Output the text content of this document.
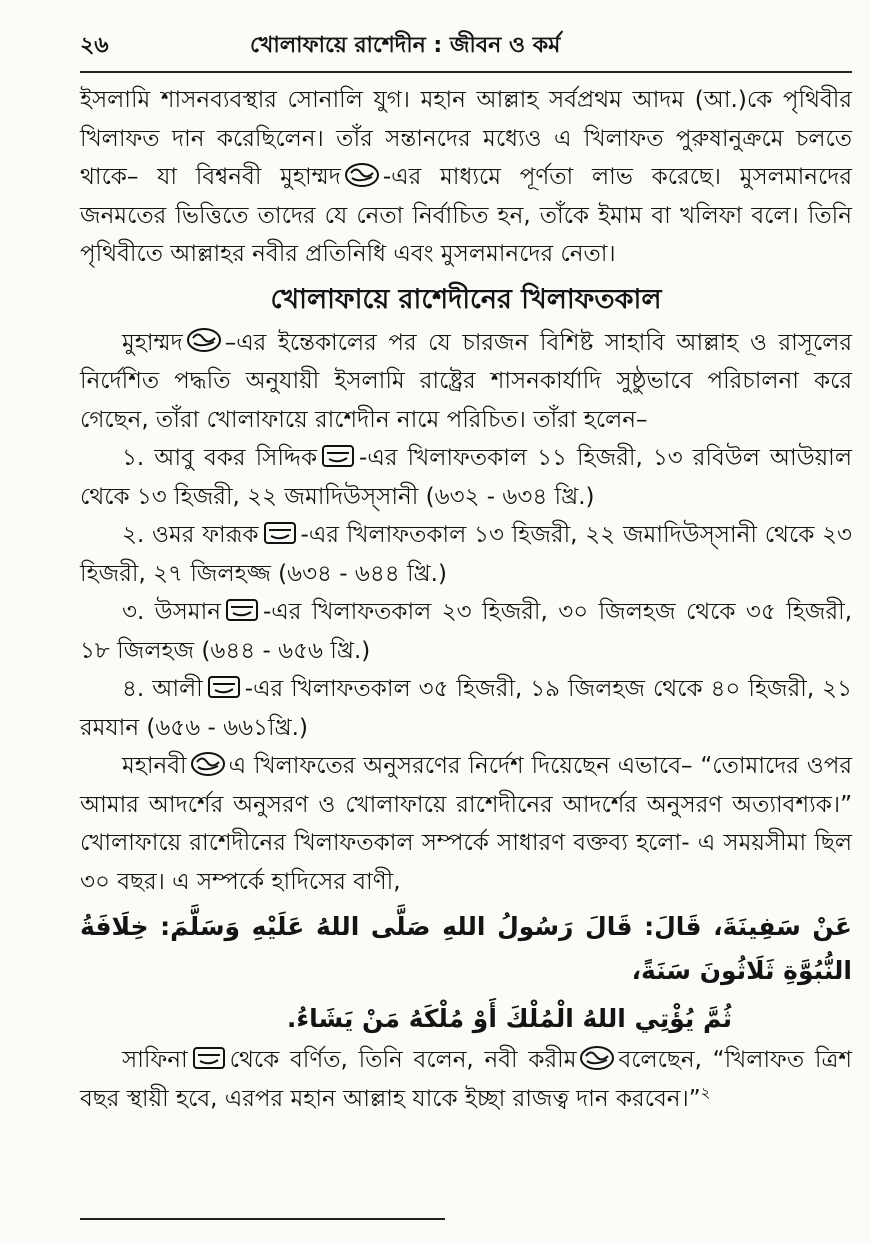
২৬	খোলাফায়ে রাশেদীন : জীবন ও কর্ম

ইসলামি শাসনব্যবস্থার সোনালি যুগ। মহান আল্লাহ সর্বপ্রথম আদম (আ.)কে পৃথিবীর খিলাফত দান করেছিলেন। তাঁর সন্তানদের মধ্যেও এ খিলাফত পুরুষানুক্রমে চলতে থাকে– যা বিশ্বনবী মুহাম্মদ -এর মাধ্যমে পূর্ণতা লাভ করেছে। মুসলমানদের জনমতের ভিত্তিতে তাদের যে নেতা নির্বাচিত হন, তাঁকে ইমাম বা খলিফা বলে। তিনি পৃথিবীতে আল্লাহর নবীর প্রতিনিধি এবং মুসলমানদের নেতা।

খোলাফায়ে রাশেদীনের খিলাফতকাল

মুহাম্মদ –এর ইন্তেকালের পর যে চারজন বিশিষ্ট সাহাবি আল্লাহ ও রাসূলের নির্দেশিত পদ্ধতি অনুযায়ী ইসলামি রাষ্ট্রের শাসনকার্যাদি সুষ্ঠুভাবে পরিচালনা করে গেছেন, তাঁরা খোলাফায়ে রাশেদীন নামে পরিচিত। তাঁরা হলেন–

১. আবু বকর সিদ্দিক -এর খিলাফতকাল ১১ হিজরী, ১৩ রবিউল আউয়াল থেকে ১৩ হিজরী, ২২ জমাদিউস্সানী (৬৩২ - ৬৩৪ খ্রি.)

২. ওমর ফারূক -এর খিলাফতকাল ১৩ হিজরী, ২২ জমাদিউস্সানী থেকে ২৩ হিজরী, ২৭ জিলহজ্জ (৬৩৪ - ৬৪৪ খ্রি.)

৩. উসমান -এর খিলাফতকাল ২৩ হিজরী, ৩০ জিলহজ থেকে ৩৫ হিজরী, ১৮ জিলহজ (৬৪৪ - ৬৫৬ খ্রি.)

৪. আলী -এর খিলাফতকাল ৩৫ হিজরী, ১৯ জিলহজ থেকে ৪০ হিজরী, ২১ রমযান (৬৫৬ - ৬৬১খ্রি.)

মহানবী এ খিলাফতের অনুসরণের নির্দেশ দিয়েছেন এভাবে– “তোমাদের ওপর আমার আদর্শের অনুসরণ ও খোলাফায়ে রাশেদীনের আদর্শের অনুসরণ অত্যাবশ্যক।” খোলাফায়ে রাশেদীনের খিলাফতকাল সম্পর্কে সাধারণ বক্তব্য হলো- এ সময়সীমা ছিল ৩০ বছর। এ সম্পর্কে হাদিসের বাণী,

عَنْ سَفِينَةَ، قَالَ: قَالَ رَسُولُ اللهِ صَلَّى اللهُ عَلَيْهِ وَسَلَّمَ: خِلَافَةُ النُّبُوَّةِ ثَلَاثُونَ سَنَةً،

ثُمَّ يُؤْتِي اللهُ الْمُلْكَ أَوْ مُلْكَهُ مَنْ يَشَاءُ.

সাফিনা থেকে বর্ণিত, তিনি বলেন, নবী করীম বলেছেন, “খিলাফত ত্রিশ বছর স্থায়ী হবে, এরপর মহান আল্লাহ যাকে ইচ্ছা রাজত্ব দান করবেন।”$^২$
